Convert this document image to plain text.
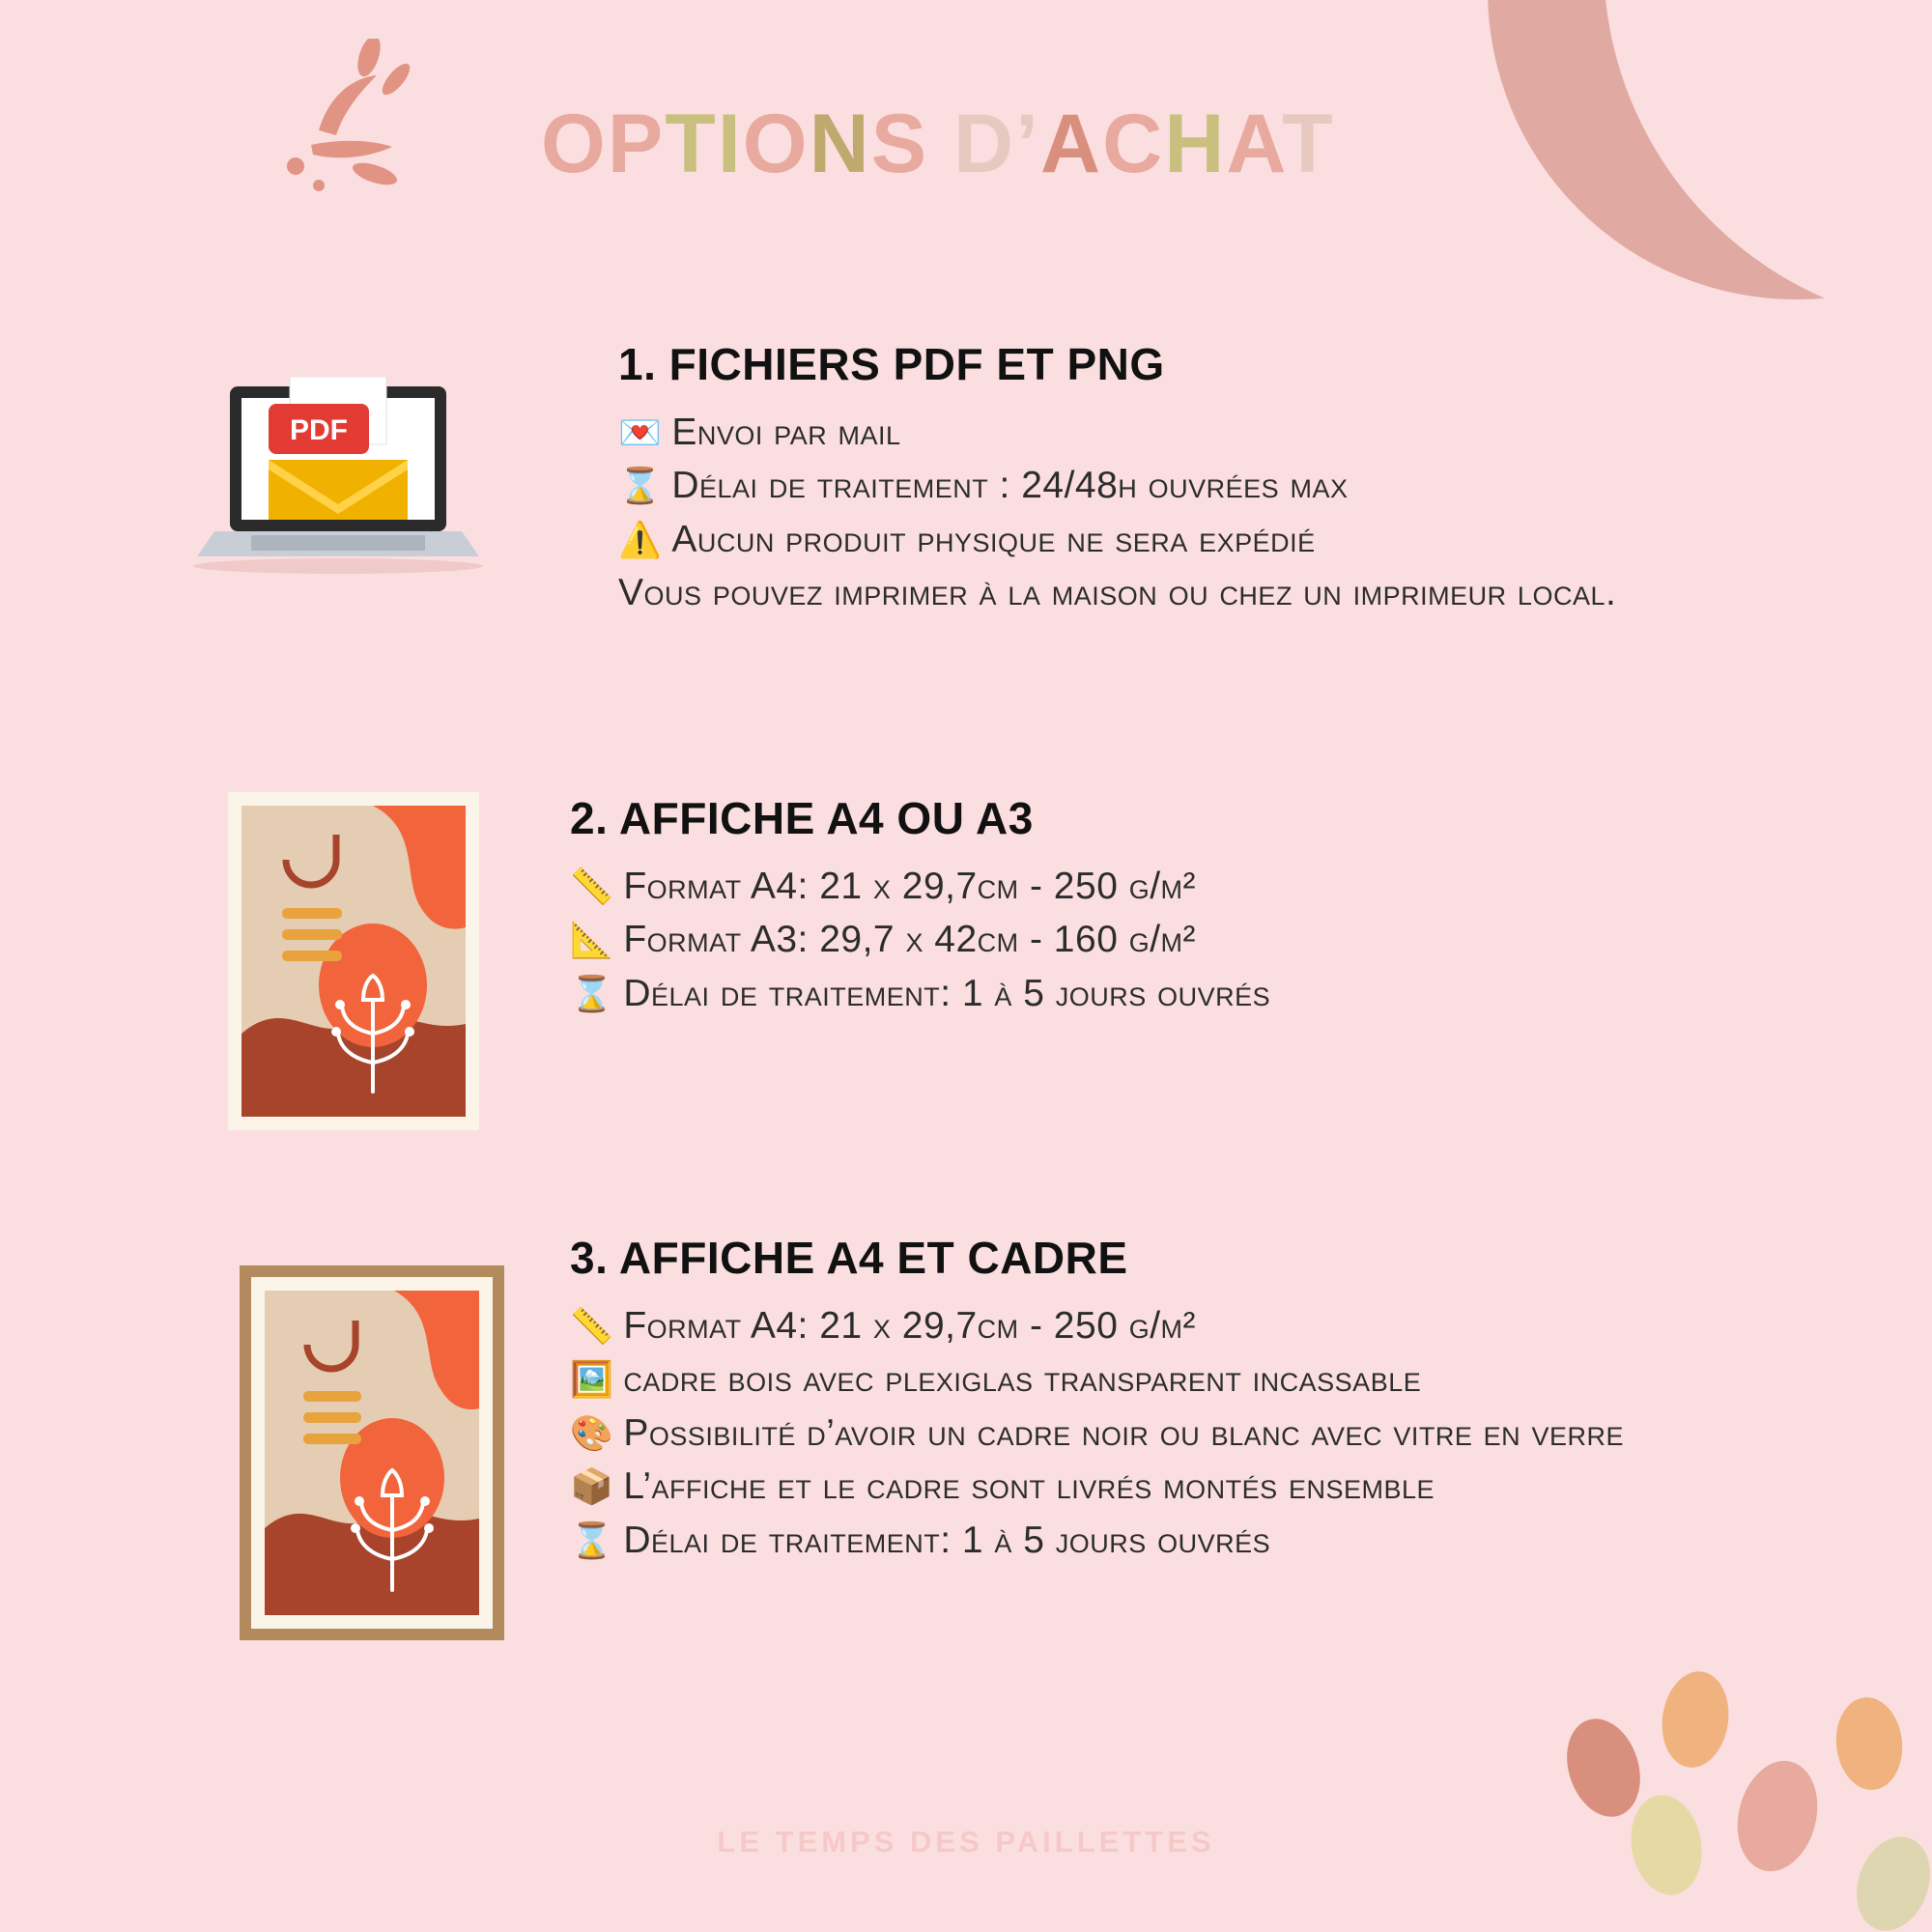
OPTIONS D’ACHAT
PDF
1. FICHIERS PDF ET PNG
💌 Envoi par mail
⌛ Délai de traitement : 24/48h ouvrées max
⚠️ Aucun produit physique ne sera expédié
Vous pouvez imprimer à la maison ou chez un imprimeur local.
2. AFFICHE A4 OU A3
📏 Format A4: 21 x 29,7cm - 250 g/m²
📐 Format A3: 29,7 x 42cm - 160 g/m²
⌛ Délai de traitement: 1 à 5 jours ouvrés
3. AFFICHE A4 ET CADRE
📏 Format A4: 21 x 29,7cm - 250 g/m²
🖼️ cadre bois avec plexiglas transparent incassable
🎨 Possibilité d’avoir un cadre noir ou blanc avec vitre en verre
📦 L’affiche et le cadre sont livrés montés ensemble
⌛ Délai de traitement: 1 à 5 jours ouvrés
LE TEMPS DES PAILLETTES
